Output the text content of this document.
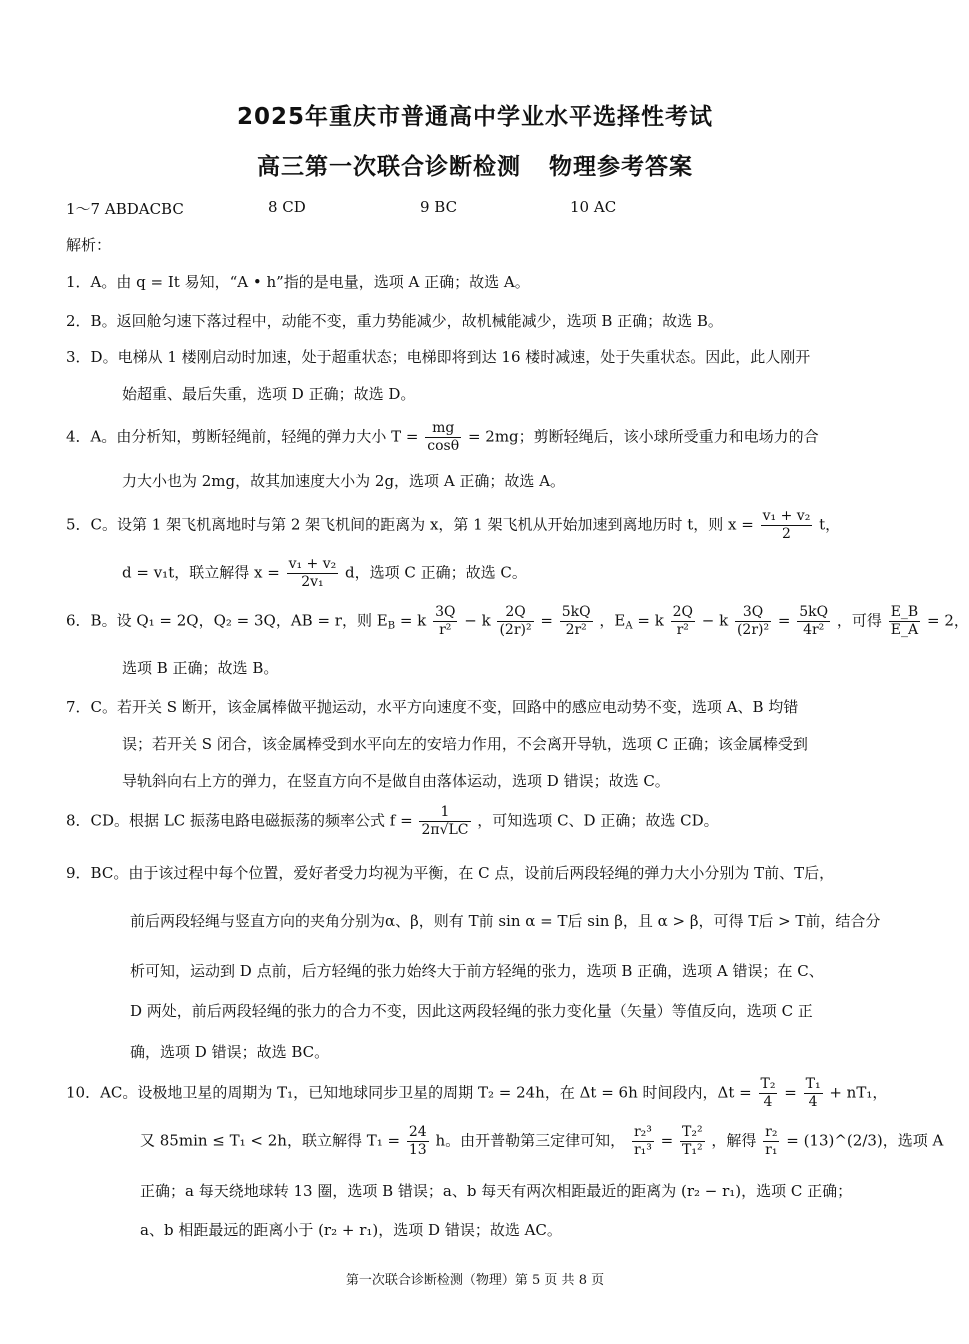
2025年重庆市普通高中学业水平选择性考试
高三第一次联合诊断检测 物理参考答案
1～7 ABDACBC	8 CD	9 BC	10 AC
解析：
1．A。由 q = It 易知，“A • h”指的是电量，选项 A 正确；故选 A。
2．B。返回舱匀速下落过程中，动能不变，重力势能减少，故机械能减少，选项 B 正确；故选 B。
3．D。电梯从 1 楼刚启动时加速，处于超重状态；电梯即将到达 16 楼时减速，处于失重状态。因此，此人刚开
始超重、最后失重，选项 D 正确；故选 D。
4．A。由分析知，剪断轻绳前，轻绳的弹力大小 $T = \frac{mg}{\cos\theta} = 2mg$；剪断轻绳后，该小球所受重力和电场力的合
力大小也为 2mg，故其加速度大小为 2g，选项 A 正确；故选 A。
5．C。设第 1 架飞机离地时与第 2 架飞机间的距离为 x，第 1 架飞机从开始加速到离地历时 t，则 $x = \frac{\text{v₁ + v₂}}{2}$ t，
d = v₁t，联立解得 $x = \frac{\text{v₁ + v₂}}{\text{2v₁}}$ d，选项 C 正确；故选 C。
6．B。设 Q₁ = 2Q，Q₂ = 3Q，AB = r，则 $E_B = k \frac{3Q}{\text{r²}} - k \frac{2Q}{\text{(2r)²}} = \frac{5kQ}{\text{2r²}}$ ，$E_A = k \frac{2Q}{\text{r²}} - k \frac{3Q}{\text{(2r)²}} = \frac{5kQ}{\text{4r²}}$ ，可得 $\frac{E\_B}{E\_A} = 2$，
选项 B 正确；故选 B。
7．C。若开关 S 断开，该金属棒做平抛运动，水平方向速度不变，回路中的感应电动势不变，选项 A、B 均错
误；若开关 S 闭合，该金属棒受到水平向左的安培力作用，不会离开导轨，选项 C 正确；该金属棒受到
导轨斜向右上方的弹力，在竖直方向不是做自由落体运动，选项 D 错误；故选 C。
8．CD。根据 LC 振荡电路电磁振荡的频率公式 $f = \frac{1}{2\pi√LC}$ ，可知选项 C、D 正确；故选 CD。
9．BC。由于该过程中每个位置，爱好者受力均视为平衡，在 C 点，设前后两段轻绳的弹力大小分别为 T前、T后，
前后两段轻绳与竖直方向的夹角分别为α、β，则有 T前 sin α = T后 sin β，且 α > β，可得 T后 > T前，结合分
析可知，运动到 D 点前，后方轻绳的张力始终大于前方轻绳的张力，选项 B 正确，选项 A 错误；在 C、
D 两处，前后两段轻绳的张力的合力不变，因此这两段轻绳的张力变化量（矢量）等值反向，选项 C 正
确，选项 D 错误；故选 BC。
10．AC。设极地卫星的周期为 T₁，已知地球同步卫星的周期 T₂ = 24h，在 Δt = 6h 时间段内，$\Delta t = \frac{\text{T₂}}{4} = \frac{\text{T₁}}{4} + nT_1$，
又 85min ≤ T₁ < 2h，联立解得 $T_1 = \frac{24}{13}$ h。由开普勒第三定律可知， $\frac{\text{r₂³}}{\text{r₁³}} = \frac{\text{T₂²}}{\text{T₁²}}$ ，解得 $\frac{\text{r₂}}{\text{r₁}}$ = (13)^(2/3)，选项 A
正确；a 每天绕地球转 13 圈，选项 B 错误；a、b 每天有两次相距最近的距离为 (r₂ − r₁)，选项 C 正确；
a、b 相距最远的距离小于 (r₂ + r₁)，选项 D 错误；故选 AC。
第一次联合诊断检测（物理）第 5 页 共 8 页
